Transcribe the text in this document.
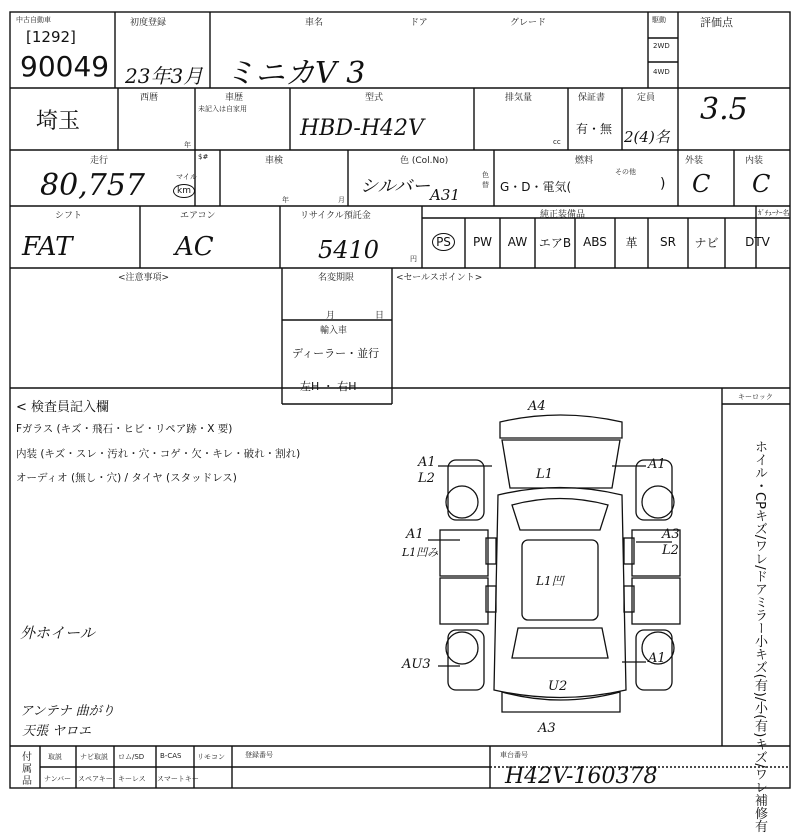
中古自動車
[1292]
90049
初度登録
23年3月
車名	ドア	グレード
ミニカV 3
駆動
2WD
4WD
評価点
3.5
埼玉
西暦
年
車歴
未記入は自家用
型式
HBD-H42V
排気量
cc
保証書
有・無
定員
2(4)名
走行
80,757	マイル
km
$#	車検
年	月
色 (Col.No)
シルバー A31
色替
燃料
G・D・電気(
その他
)
外装
C
内装
C
シフト
FAT
エアコン
AC
リサイクル預託金
5410	円
純正装備品	ｶﾞﾁｭｰﾅｰ名
PS	PW	AW エアB ABS	革	SR	ナビ	DTV
<注意事項>	名変期限
月	日
輸入車
ディーラー・並行
左H ・ 右H
<セールスポイント>
< 検査員記入欄
Fガラス (キズ・飛石・ヒビ・リペア跡・X 要)
内装 (キズ・スレ・汚れ・穴・コゲ・欠・キレ・破れ・割れ)
オーディオ (無し・穴) / タイヤ (スタッドレス)
キーロック
ホイル・CPキズ/ワレ/ドアミラー小キズ(有)/小(有)キズ/ワレ補修有
外ホイール
アンテナ 曲がり
天張 ヤロエ
A4
L1
A1
L2
A1
A1
L1凹み
A3
L2
L1凹
AU3	A1
U2
A3
付属品
取説	ナビ取説 ロム/SD B-CAS リモコン	登録番号
ナンバー スペアキー キーレス スマートキー
車台番号
H42V-160378
